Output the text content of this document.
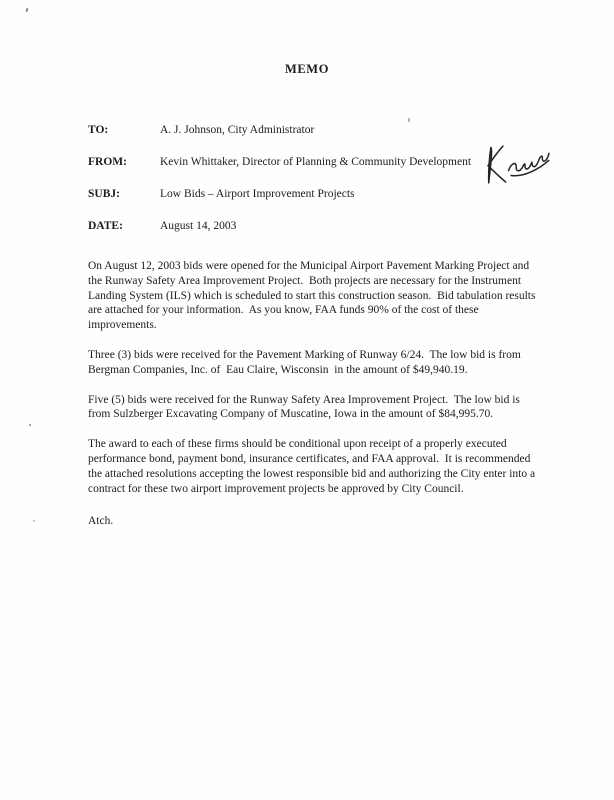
MEMO
TO:	A. J. Johnson, City Administrator
FROM:	Kevin Whittaker, Director of Planning & Community Development
SUBJ:	Low Bids – Airport Improvement Projects
DATE:	August 14, 2003

On August 12, 2003 bids were opened for the Municipal Airport Pavement Marking Project and the Runway Safety Area Improvement Project.  Both projects are necessary for the Instrument Landing System (ILS) which is scheduled to start this construction season.  Bid tabulation results are attached for your information.  As you know, FAA funds 90% of the cost of these improvements.

Three (3) bids were received for the Pavement Marking of Runway 6/24.  The low bid is from Bergman Companies, Inc. of  Eau Claire, Wisconsin  in the amount of $49,940.19.

Five (5) bids were received for the Runway Safety Area Improvement Project.  The low bid is from Sulzberger Excavating Company of Muscatine, Iowa in the amount of $84,995.70.

The award to each of these firms should be conditional upon receipt of a properly executed performance bond, payment bond, insurance certificates, and FAA approval.  It is recommended the attached resolutions accepting the lowest responsible bid and authorizing the City enter into a contract for these two airport improvement projects be approved by City Council.

Atch.
